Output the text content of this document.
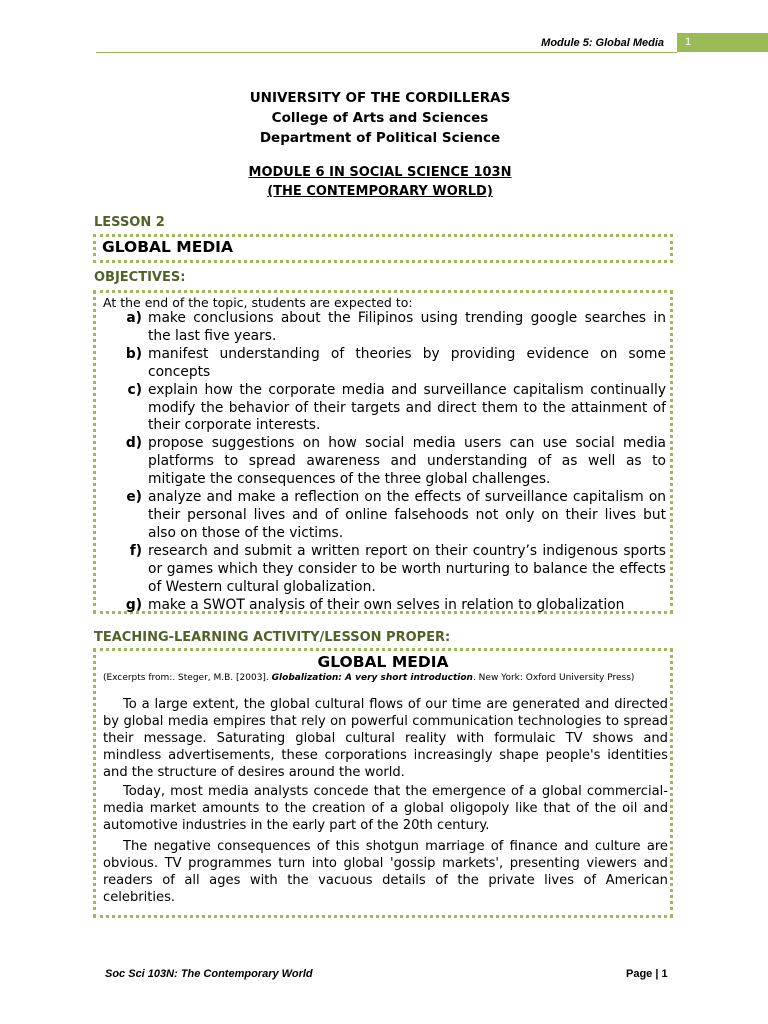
Module 5: Global Media	1
UNIVERSITY OF THE CORDILLERAS
College of Arts and Sciences
Department of Political Science
MODULE 6 IN SOCIAL SCIENCE 103N
(THE CONTEMPORARY WORLD)
LESSON 2
GLOBAL MEDIA
OBJECTIVES:
At the end of the topic, students are expected to:
a) make conclusions about the Filipinos using trending google searches in the last five years.
b) manifest understanding of theories by providing evidence on some concepts
c) explain how the corporate media and surveillance capitalism continually modify the behavior of their targets and direct them to the attainment of their corporate interests.
d) propose suggestions on how social media users can use social media platforms to spread awareness and understanding of as well as to mitigate the consequences of the three global challenges.
e) analyze and make a reflection on the effects of surveillance capitalism on their personal lives and of online falsehoods not only on their lives but also on those of the victims.
f) research and submit a written report on their country’s indigenous sports or games which they consider to be worth nurturing to balance the effects of Western cultural globalization.
g) make a SWOT analysis of their own selves in relation to globalization
TEACHING-LEARNING ACTIVITY/LESSON PROPER:
GLOBAL MEDIA
(Excerpts from:. Steger, M.B. [2003]. Globalization: A very short introduction. New York: Oxford University Press)

To a large extent, the global cultural flows of our time are generated and directed by global media empires that rely on powerful communication technologies to spread their message. Saturating global cultural reality with formulaic TV shows and mindless advertisements, these corporations increasingly shape people's identities and the structure of desires around the world.

Today, most media analysts concede that the emergence of a global commercial-media market amounts to the creation of a global oligopoly like that of the oil and automotive industries in the early part of the 20th century.

The negative consequences of this shotgun marriage of finance and culture are obvious. TV programmes turn into global 'gossip markets', presenting viewers and readers of all ages with the vacuous details of the private lives of American celebrities.

Soc Sci 103N: The Contemporary World	Page | 1
